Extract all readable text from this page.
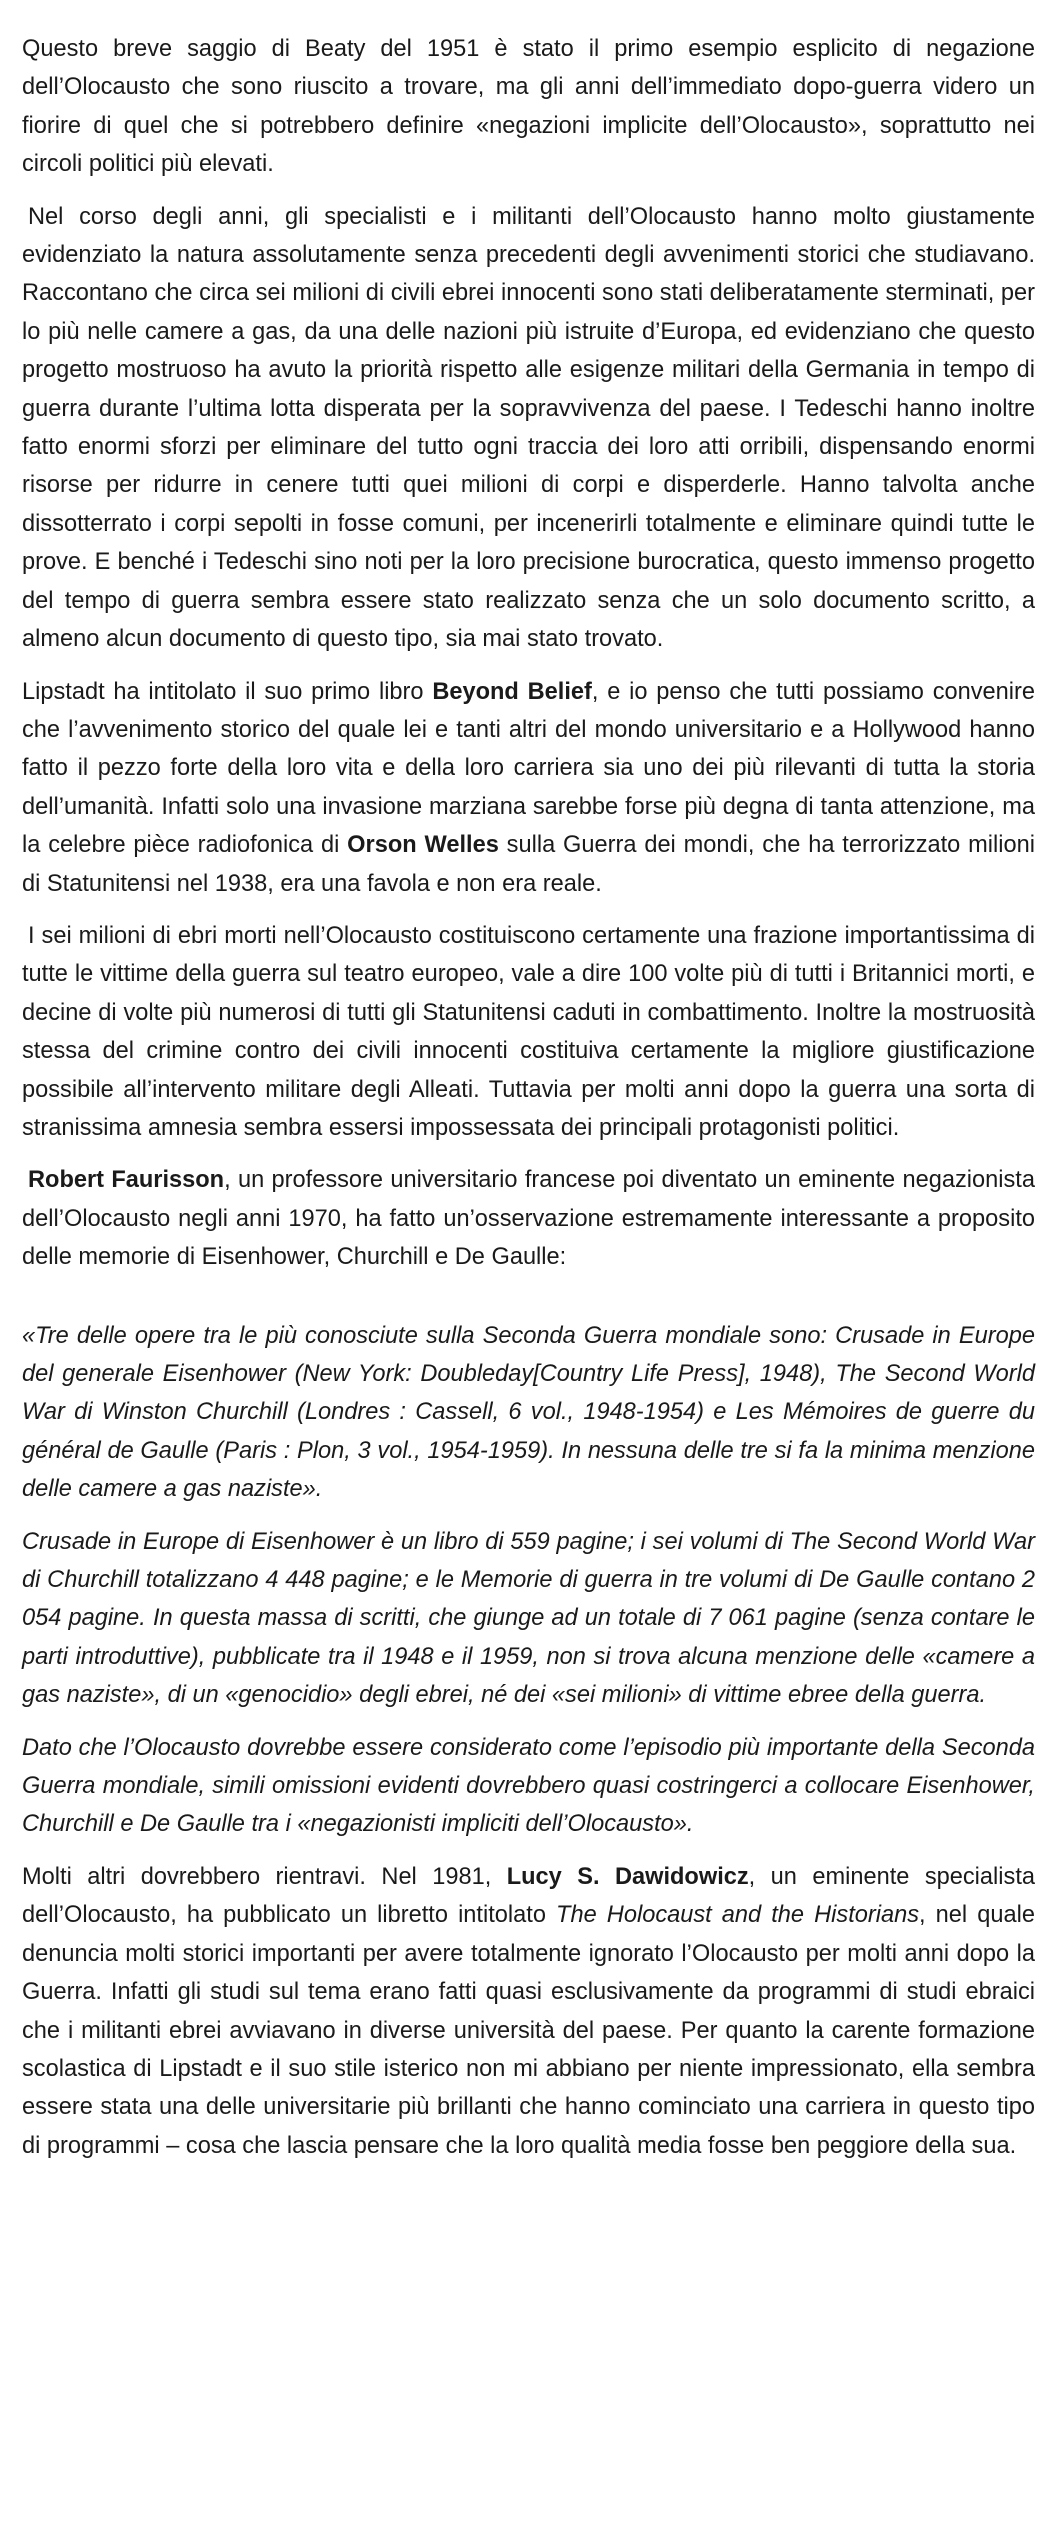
Questo breve saggio di Beaty del 1951 è stato il primo esempio esplicito di negazione dell’Olocausto che sono riuscito a trovare, ma gli anni dell’immediato dopo-guerra videro un fiorire di quel che si potrebbero definire «negazioni implicite dell’Olocausto», soprattutto nei circoli politici più elevati.

Nel corso degli anni, gli specialisti e i militanti dell’Olocausto hanno molto giustamente evidenziato la natura assolutamente senza precedenti degli avvenimenti storici che studiavano. Raccontano che circa sei milioni di civili ebrei innocenti sono stati deliberatamente sterminati, per lo più nelle camere a gas, da una delle nazioni più istruite d’Europa, ed evidenziano che questo progetto mostruoso ha avuto la priorità rispetto alle esigenze militari della Germania in tempo di guerra durante l’ultima lotta disperata per la sopravvivenza del paese. I Tedeschi hanno inoltre fatto enormi sforzi per eliminare del tutto ogni traccia dei loro atti orribili, dispensando enormi risorse per ridurre in cenere tutti quei milioni di corpi e disperderle. Hanno talvolta anche dissotterrato i corpi sepolti in fosse comuni, per incenerirli totalmente e eliminare quindi tutte le prove. E benché i Tedeschi sino noti per la loro precisione burocratica, questo immenso progetto del tempo di guerra sembra essere stato realizzato senza che un solo documento scritto, a almeno alcun documento di questo tipo, sia mai stato trovato.

Lipstadt ha intitolato il suo primo libro Beyond Belief, e io penso che tutti possiamo convenire che l’avvenimento storico del quale lei e tanti altri del mondo universitario e a Hollywood hanno fatto il pezzo forte della loro vita e della loro carriera sia uno dei più rilevanti di tutta la storia dell’umanità. Infatti solo una invasione marziana sarebbe forse più degna di tanta attenzione, ma la celebre pièce radiofonica di Orson Welles sulla Guerra dei mondi, che ha terrorizzato milioni di Statunitensi nel 1938, era una favola e non era reale.

I sei milioni di ebri morti nell’Olocausto costituiscono certamente una frazione importantissima di tutte le vittime della guerra sul teatro europeo, vale a dire 100 volte più di tutti i Britannici morti, e decine di volte più numerosi di tutti gli Statunitensi caduti in combattimento. Inoltre la mostruosità stessa del crimine contro dei civili innocenti costituiva certamente la migliore giustificazione possibile all’intervento militare degli Alleati. Tuttavia per molti anni dopo la guerra una sorta di stranissima amnesia sembra essersi impossessata dei principali protagonisti politici.

Robert Faurisson, un professore universitario francese poi diventato un eminente negazionista dell’Olocausto negli anni 1970, ha fatto un’osservazione estremamente interessante a proposito delle memorie di Eisenhower, Churchill e De Gaulle:

«Tre delle opere tra le più conosciute sulla Seconda Guerra mondiale sono: Crusade in Europe del generale Eisenhower (New York: Doubleday[Country Life Press], 1948), The Second World War di Winston Churchill (Londres : Cassell, 6 vol., 1948-1954) e Les Mémoires de guerre du général de Gaulle (Paris : Plon, 3 vol., 1954-1959). In nessuna delle tre si fa la minima menzione delle camere a gas naziste».

Crusade in Europe di Eisenhower è un libro di 559 pagine; i sei volumi di The Second World War di Churchill totalizzano 4 448 pagine; e le Memorie di guerra in tre volumi di De Gaulle contano 2 054 pagine. In questa massa di scritti, che giunge ad un totale di 7 061 pagine (senza contare le parti introduttive), pubblicate tra il 1948 e il 1959, non si trova alcuna menzione delle «camere a gas naziste», di un «genocidio» degli ebrei, né dei «sei milioni» di vittime ebree della guerra.

Dato che l’Olocausto dovrebbe essere considerato come l’episodio più importante della Seconda Guerra mondiale, simili omissioni evidenti dovrebbero quasi costringerci a collocare Eisenhower, Churchill e De Gaulle tra i «negazionisti impliciti dell’Olocausto».

Molti altri dovrebbero rientravi. Nel 1981, Lucy S. Dawidowicz, un eminente specialista dell’Olocausto, ha pubblicato un libretto intitolato The Holocaust and the Historians, nel quale denuncia molti storici importanti per avere totalmente ignorato l’Olocausto per molti anni dopo la Guerra. Infatti gli studi sul tema erano fatti quasi esclusivamente da programmi di studi ebraici che i militanti ebrei avviavano in diverse università del paese. Per quanto la carente formazione scolastica di Lipstadt e il suo stile isterico non mi abbiano per niente impressionato, ella sembra essere stata una delle universitarie più brillanti che hanno cominciato una carriera in questo tipo di programmi – cosa che lascia pensare che la loro qualità media fosse ben peggiore della sua.
